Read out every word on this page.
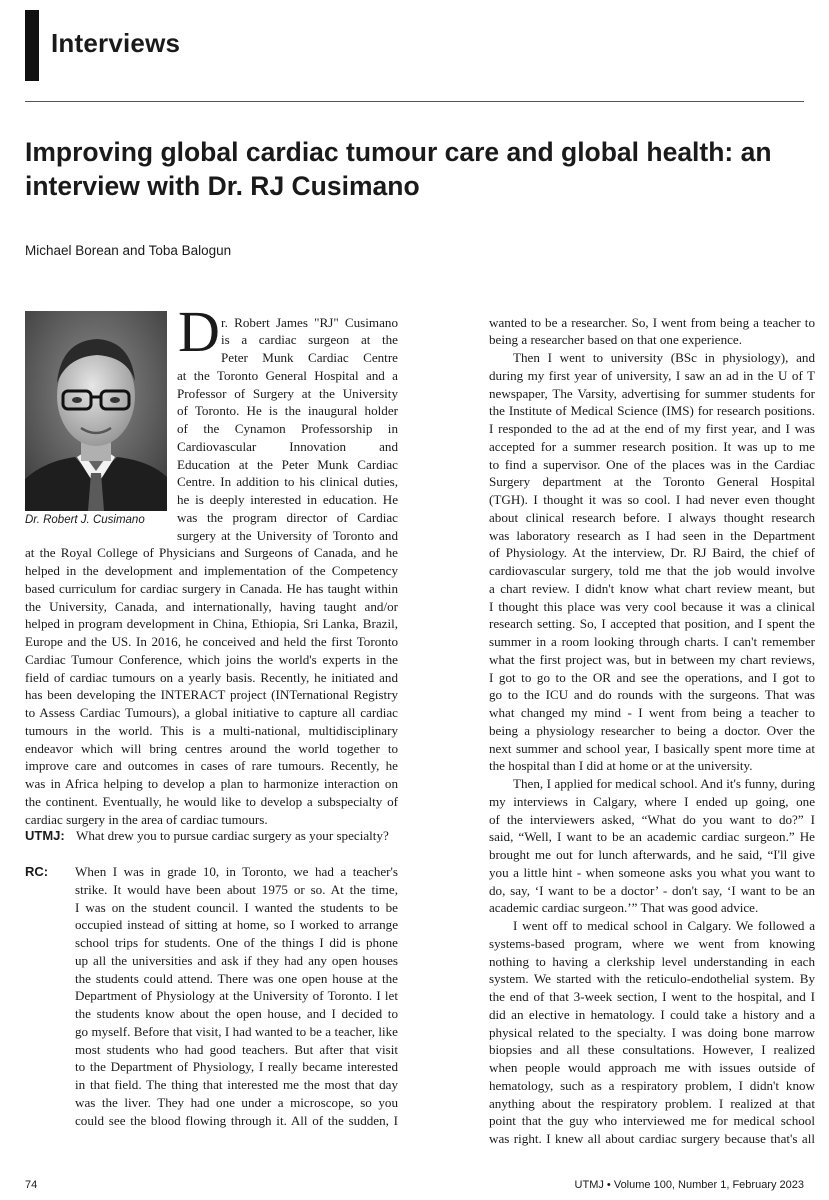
Interviews
Improving global cardiac tumour care and global health: an interview with Dr. RJ Cusimano
Michael Borean and Toba Balogun
Dr. Robert J. Cusimano
D r. Robert James "RJ" Cusimano
is a cardiac surgeon at the
Peter Munk Cardiac Centre
at the Toronto General Hospital and a
Professor of Surgery at the University
of Toronto. He is the inaugural holder
of the Cynamon Professorship in
Cardiovascular Innovation and
Education at the Peter Munk Cardiac
Centre. In addition to his clinical duties,
he is deeply interested in education. He
was the program director of Cardiac
surgery at the University of Toronto and
at the Royal College of Physicians and Surgeons of Canada, and he
helped in the development and implementation of the Competency
based curriculum for cardiac surgery in Canada. He has taught within
the University, Canada, and internationally, having taught and/or
helped in program development in China, Ethiopia, Sri Lanka, Brazil,
Europe and the US. In 2016, he conceived and held the first Toronto
Cardiac Tumour Conference, which joins the world's experts in the
field of cardiac tumours on a yearly basis. Recently, he initiated and
has been developing the INTERACT project (INTernational Registry
to Assess Cardiac Tumours), a global initiative to capture all cardiac
tumours in the world. This is a multi-national, multidisciplinary
endeavor which will bring centres around the world together to
improve care and outcomes in cases of rare tumours. Recently, he
was in Africa helping to develop a plan to harmonize interaction on
the continent. Eventually, he would like to develop a subspecialty of
cardiac surgery in the area of cardiac tumours.
UTMJ: What drew you to pursue cardiac surgery as your specialty?
RC: When I was in grade 10, in Toronto, we had a teacher's
strike. It would have been about 1975 or so. At the time,
I was on the student council. I wanted the students to be
occupied instead of sitting at home, so I worked to arrange
school trips for students. One of the things I did is phone
up all the universities and ask if they had any open houses
the students could attend. There was one open house at the
Department of Physiology at the University of Toronto. I let
the students know about the open house, and I decided to
go myself. Before that visit, I had wanted to be a teacher, like
most students who had good teachers. But after that visit
to the Department of Physiology, I really became interested
in that field. The thing that interested me the most that day
was the liver. They had one under a microscope, so you
could see the blood flowing through it. All of the sudden, I
wanted to be a researcher. So, I went from being a teacher to
being a researcher based on that one experience.
Then I went to university (BSc in physiology), and
during my first year of university, I saw an ad in the U of T
newspaper, The Varsity, advertising for summer students for
the Institute of Medical Science (IMS) for research positions.
I responded to the ad at the end of my first year, and I was
accepted for a summer research position. It was up to me
to find a supervisor. One of the places was in the Cardiac
Surgery department at the Toronto General Hospital
(TGH). I thought it was so cool. I had never even thought
about clinical research before. I always thought research
was laboratory research as I had seen in the Department
of Physiology. At the interview, Dr. RJ Baird, the chief of
cardiovascular surgery, told me that the job would involve
a chart review. I didn't know what chart review meant, but
I thought this place was very cool because it was a clinical
research setting. So, I accepted that position, and I spent the
summer in a room looking through charts. I can't remember
what the first project was, but in between my chart reviews,
I got to go to the OR and see the operations, and I got to
go to the ICU and do rounds with the surgeons. That was
what changed my mind - I went from being a teacher to
being a physiology researcher to being a doctor. Over the
next summer and school year, I basically spent more time at
the hospital than I did at home or at the university.
Then, I applied for medical school. And it's funny, during
my interviews in Calgary, where I ended up going, one
of the interviewers asked, “What do you want to do?” I
said, “Well, I want to be an academic cardiac surgeon.” He
brought me out for lunch afterwards, and he said, “I'll give
you a little hint - when someone asks you what you want to
do, say, ‘I want to be a doctor’ - don't say, ‘I want to be an
academic cardiac surgeon.’” That was good advice.
I went off to medical school in Calgary. We followed a
systems-based program, where we went from knowing
nothing to having a clerkship level understanding in each
system. We started with the reticulo-endothelial system. By
the end of that 3-week section, I went to the hospital, and I
did an elective in hematology. I could take a history and a
physical related to the specialty. I was doing bone marrow
biopsies and all these consultations. However, I realized
when people would approach me with issues outside of
hematology, such as a respiratory problem, I didn't know
anything about the respiratory problem. I realized at that
point that the guy who interviewed me for medical school
was right. I knew all about cardiac surgery because that's all
74	UTMJ • Volume 100, Number 1, February 2023
